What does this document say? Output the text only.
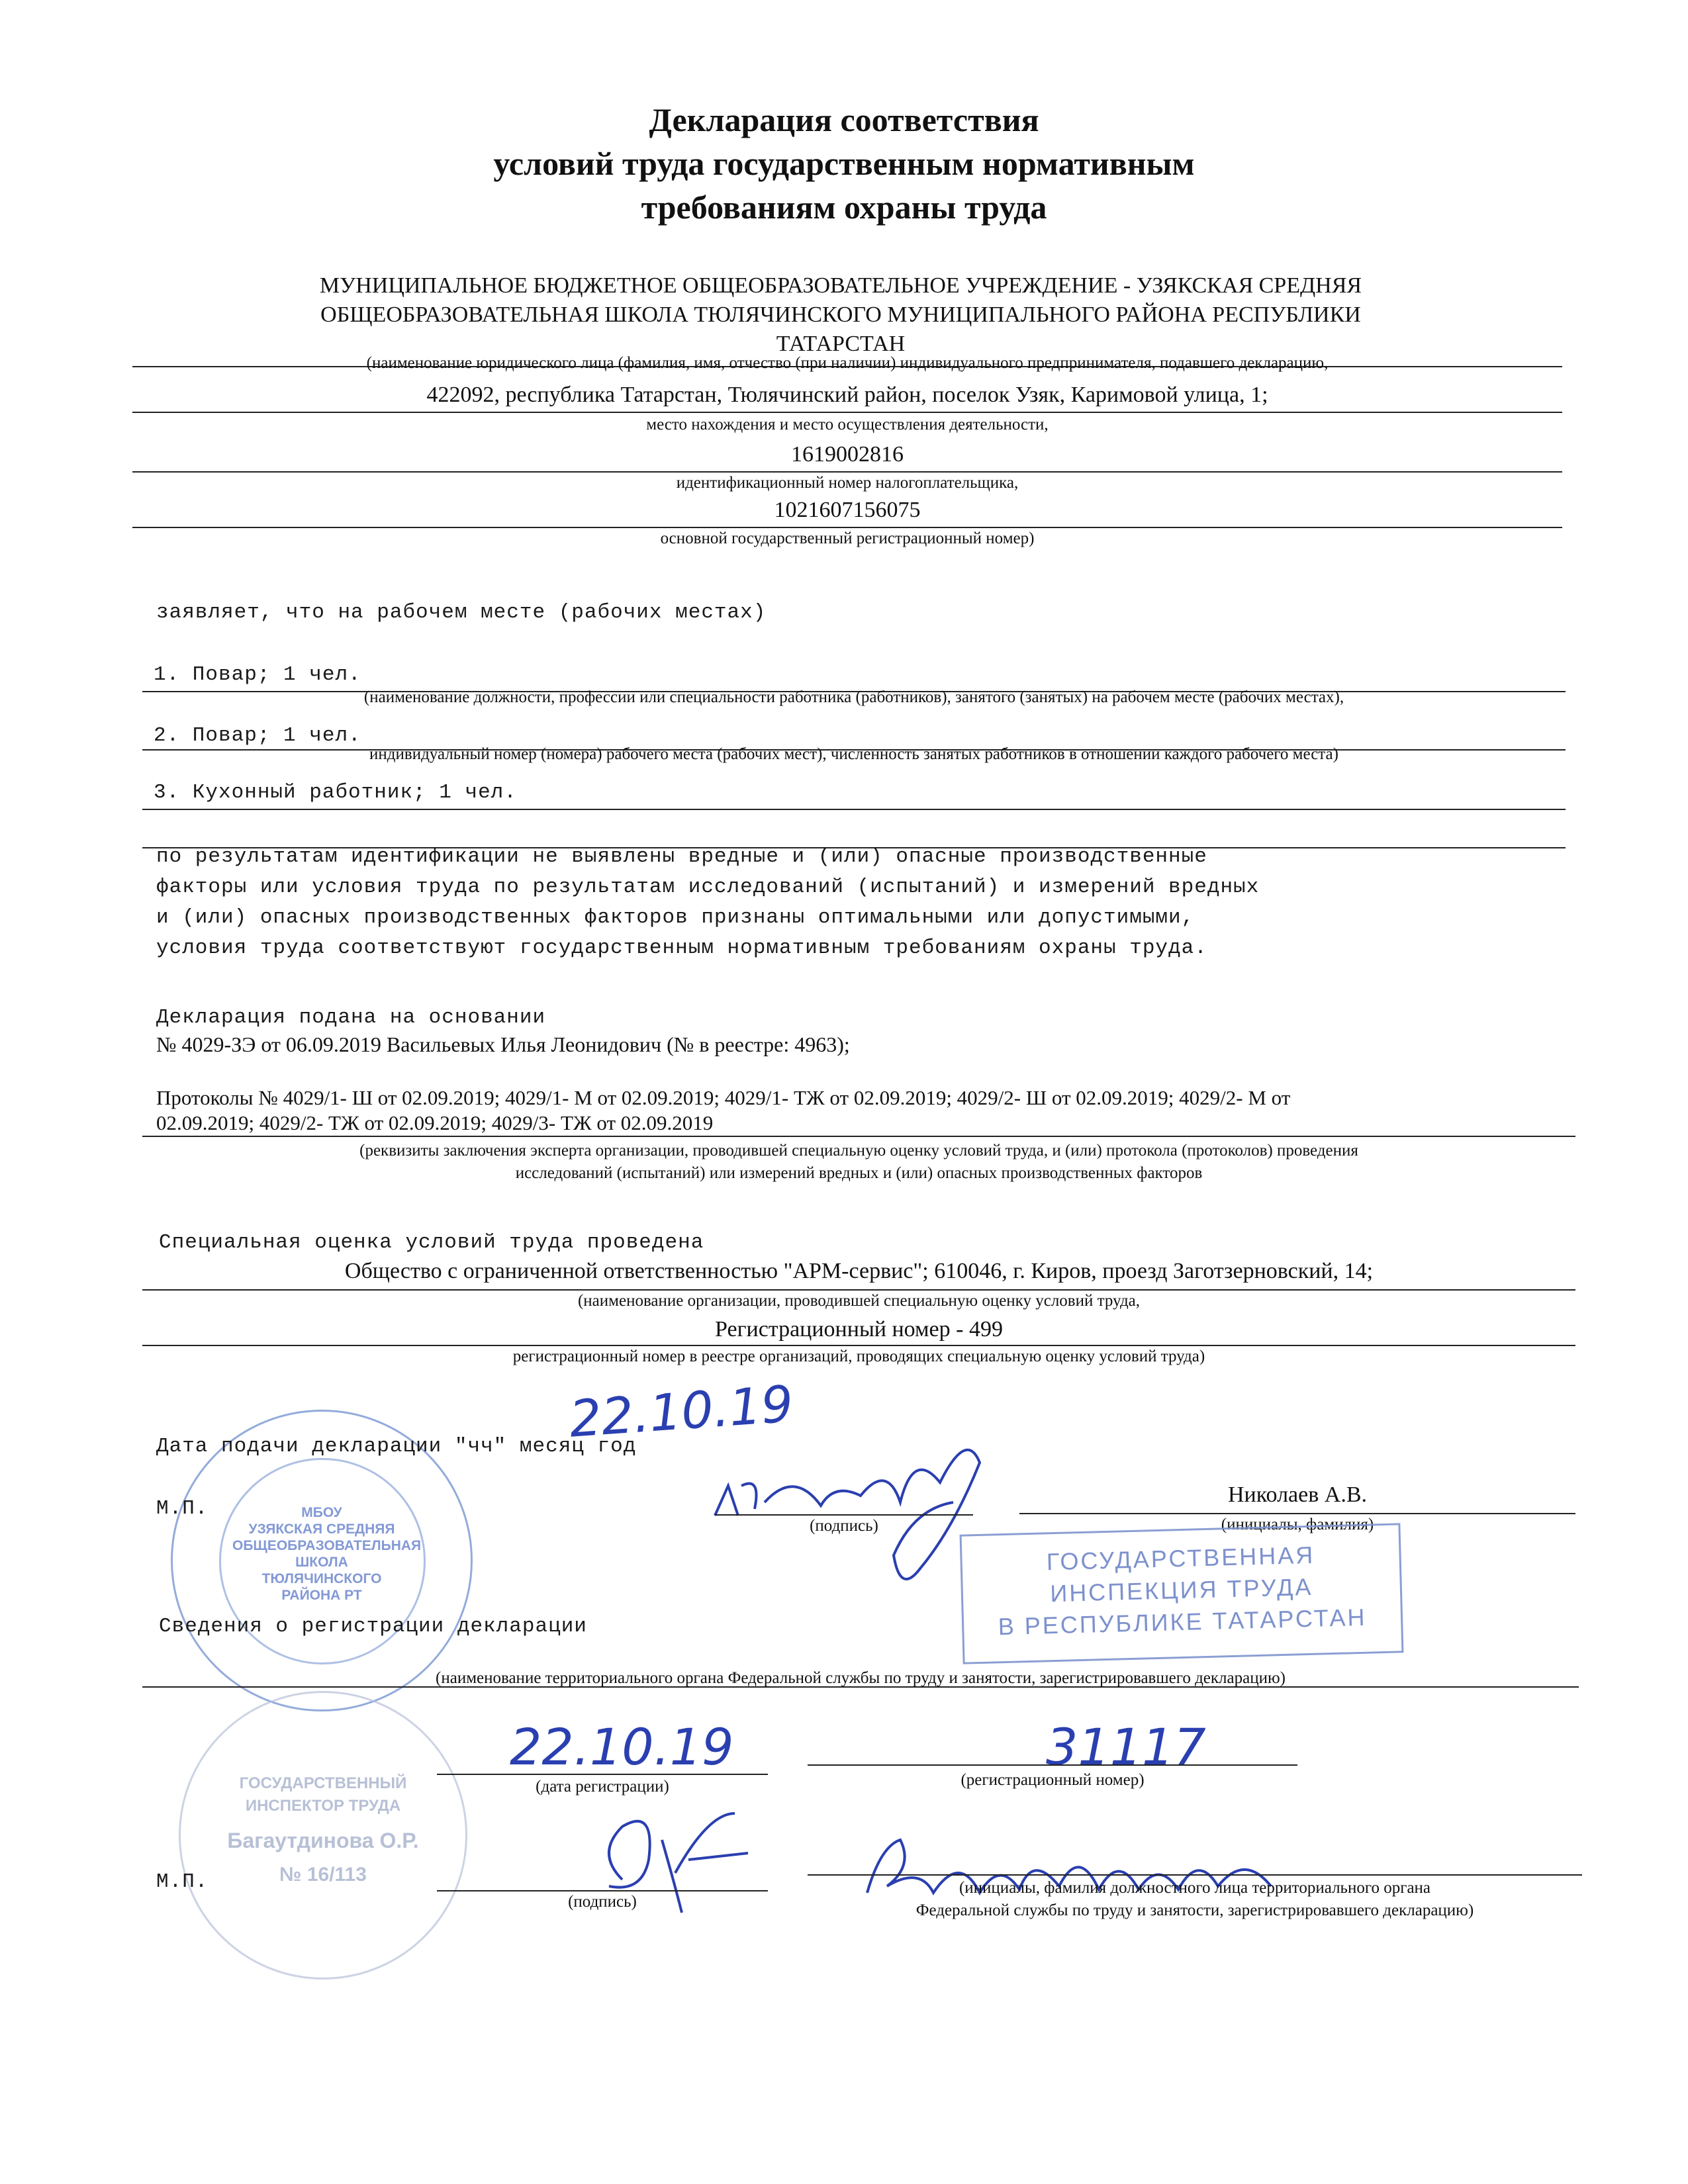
Декларация соответствия
условий труда государственным нормативным
требованиям охраны труда
МУНИЦИПАЛЬНОЕ БЮДЖЕТНОЕ ОБЩЕОБРАЗОВАТЕЛЬНОЕ УЧРЕЖДЕНИЕ - УЗЯКСКАЯ СРЕДНЯЯ
ОБЩЕОБРАЗОВАТЕЛЬНАЯ ШКОЛА ТЮЛЯЧИНСКОГО МУНИЦИПАЛЬНОГО РАЙОНА РЕСПУБЛИКИ
ТАТАРСТАН
(наименование юридического лица (фамилия, имя, отчество (при наличии) индивидуального предпринимателя, подавшего декларацию,
422092, республика Татарстан, Тюлячинский район, поселок Узяк, Каримовой улица, 1;
место нахождения и место осуществления деятельности,
1619002816
идентификационный номер налогоплательщика,
1021607156075
основной государственный регистрационный номер)
заявляет, что на рабочем месте (рабочих местах)
1. Повар; 1 чел.
(наименование должности, профессии или специальности работника (работников), занятого (занятых) на рабочем месте (рабочих местах),
2. Повар; 1 чел.
индивидуальный номер (номера) рабочего места (рабочих мест), численность занятых работников в отношении каждого рабочего места)
3. Кухонный работник; 1 чел.
по результатам идентификации не выявлены вредные и (или) опасные производственные
факторы или условия труда по результатам исследований (испытаний) и измерений вредных
и (или) опасных производственных факторов признаны оптимальными или допустимыми,
условия труда соответствуют государственным нормативным требованиям охраны труда.
Декларация подана на основании
№ 4029-ЗЭ от 06.09.2019 Васильевых Илья Леонидович (№ в реестре: 4963);
Протоколы № 4029/1- Ш от 02.09.2019; 4029/1- М от 02.09.2019; 4029/1- ТЖ от 02.09.2019; 4029/2- Ш от 02.09.2019; 4029/2- М от
02.09.2019; 4029/2- ТЖ от 02.09.2019; 4029/3- ТЖ от 02.09.2019
(реквизиты заключения эксперта организации, проводившей специальную оценку условий труда, и (или) протокола (протоколов) проведения
исследований (испытаний) или измерений вредных и (или) опасных производственных факторов
Специальная оценка условий труда проведена
Общество с ограниченной ответственностью "АРМ-сервис"; 610046, г. Киров, проезд Заготзерновский, 14;
(наименование организации, проводившей специальную оценку условий труда,
Регистрационный номер - 499
регистрационный номер в реестре организаций, проводящих специальную оценку условий труда)
МБОУ
УЗЯКСКАЯ СРЕДНЯЯ
ОБЩЕОБРАЗОВАТЕЛЬНАЯ
ШКОЛА
ТЮЛЯЧИНСКОГО
РАЙОНА РТ
Дата подачи декларации "чч" месяц год
22.10.19
М.П.
(подпись)
Николаев А.В.
(инициалы, фамилия)
ГОСУДАРСТВЕННАЯ
ИНСПЕКЦИЯ ТРУДА
В РЕСПУБЛИКЕ ТАТАРСТАН
Сведения о регистрации декларации
(наименование территориального органа Федеральной службы по труду и занятости, зарегистрировавшего декларацию)
ГОСУДАРСТВЕННЫЙ
ИНСПЕКТОР ТРУДА
Багаутдинова О.Р.
№ 16/113
22.10.19
(дата регистрации)
31117
(регистрационный номер)
М.П.
(подпись)
(инициалы, фамилия должностного лица территориального органа
Федеральной службы по труду и занятости, зарегистрировавшего декларацию)
